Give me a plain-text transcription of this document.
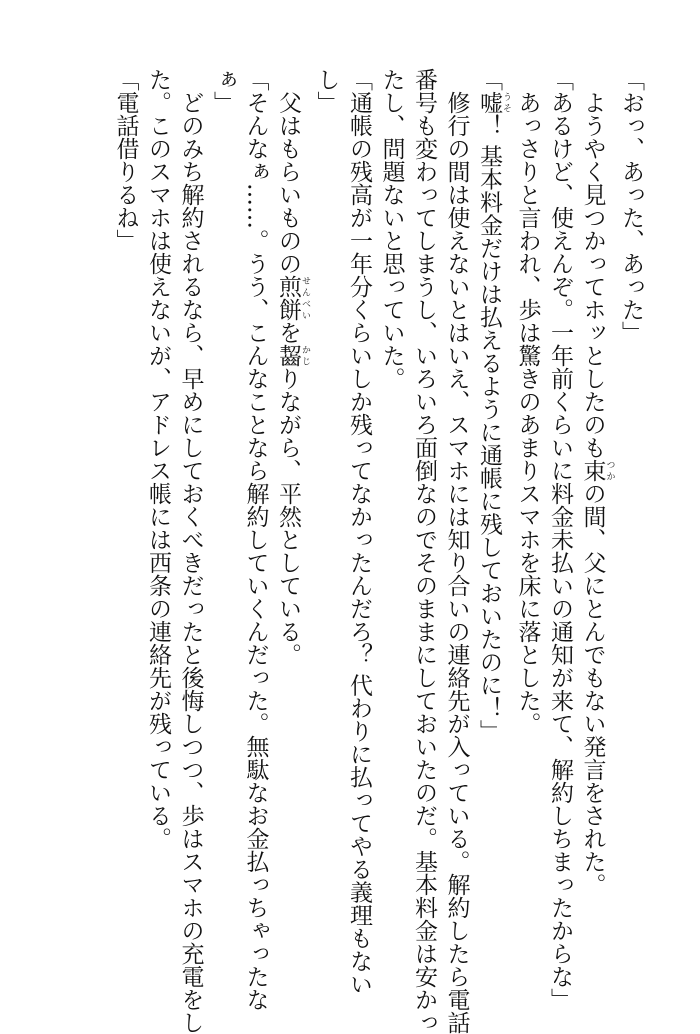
「おっ、あった、あった」
ようやく見つかってホッとしたのも束 つかの間、父にとんでもない発言をされた。
「あるけど、使えんぞ。一年前くらいに料金未払いの通知が来て、解約しちまったからな」
あっさりと言われ、歩は驚きのあまりスマホを床に落とした。
「嘘 うそ！ 基本料金だけは払えるように通帳に残しておいたのに！」
修行の間は使えないとはいえ、スマホには知り合いの連絡先が入っている。解約したら電話
番号も変わってしまうし、いろいろ面倒なのでそのままにしておいたのだ。基本料金は安かっ
たし、問題ないと思っていた。
「通帳の残高が一年分くらいしか残ってなかったんだろ？ 代わりに払ってやる義理もない
し」
父はもらいものの煎餅 せんべいを齧 かじりながら、平然としている。
「そんなぁ……。うう、こんなことなら解約していくんだった。無駄なお金払っちゃったな
ぁ」
どのみち解約されるなら、早めにしておくべきだったと後悔しつつ、歩はスマホの充電をし
た。このスマホは使えないが、アドレス帳には西条の連絡先が残っている。
「電話借りるね」
